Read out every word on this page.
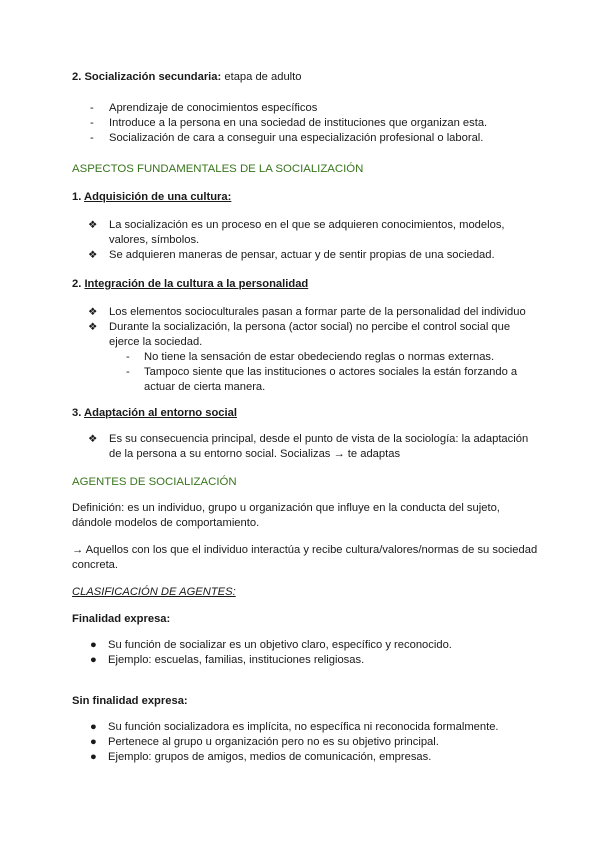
2. Socialización secundaria: etapa de adulto

- Aprendizaje de conocimientos específicos
- Introduce a la persona en una sociedad de instituciones que organizan esta.
- Socialización de cara a conseguir una especialización profesional o laboral.

ASPECTOS FUNDAMENTALES DE LA SOCIALIZACIÓN

1. Adquisición de una cultura:

❖ La socialización es un proceso en el que se adquieren conocimientos, modelos, valores, símbolos.
❖ Se adquieren maneras de pensar, actuar y de sentir propias de una sociedad.

2. Integración de la cultura a la personalidad

❖ Los elementos socioculturales pasan a formar parte de la personalidad del individuo
❖ Durante la socialización, la persona (actor social) no percibe el control social que ejerce la sociedad.
- No tiene la sensación de estar obedeciendo reglas o normas externas.
- Tampoco siente que las instituciones o actores sociales la están forzando a actuar de cierta manera.

3. Adaptación al entorno social

❖ Es su consecuencia principal, desde el punto de vista de la sociología: la adaptación de la persona a su entorno social. Socializas → te adaptas

AGENTES DE SOCIALIZACIÓN

Definición: es un individuo, grupo u organización que influye en la conducta del sujeto, dándole modelos de comportamiento.

→ Aquellos con los que el individuo interactúa y recibe cultura/valores/normas de su sociedad concreta.

CLASIFICACIÓN DE AGENTES:

Finalidad expresa:

● Su función de socializar es un objetivo claro, específico y reconocido.
● Ejemplo: escuelas, familias, instituciones religiosas.

Sin finalidad expresa:

● Su función socializadora es implícita, no específica ni reconocida formalmente.
● Pertenece al grupo u organización pero no es su objetivo principal.
● Ejemplo: grupos de amigos, medios de comunicación, empresas.
